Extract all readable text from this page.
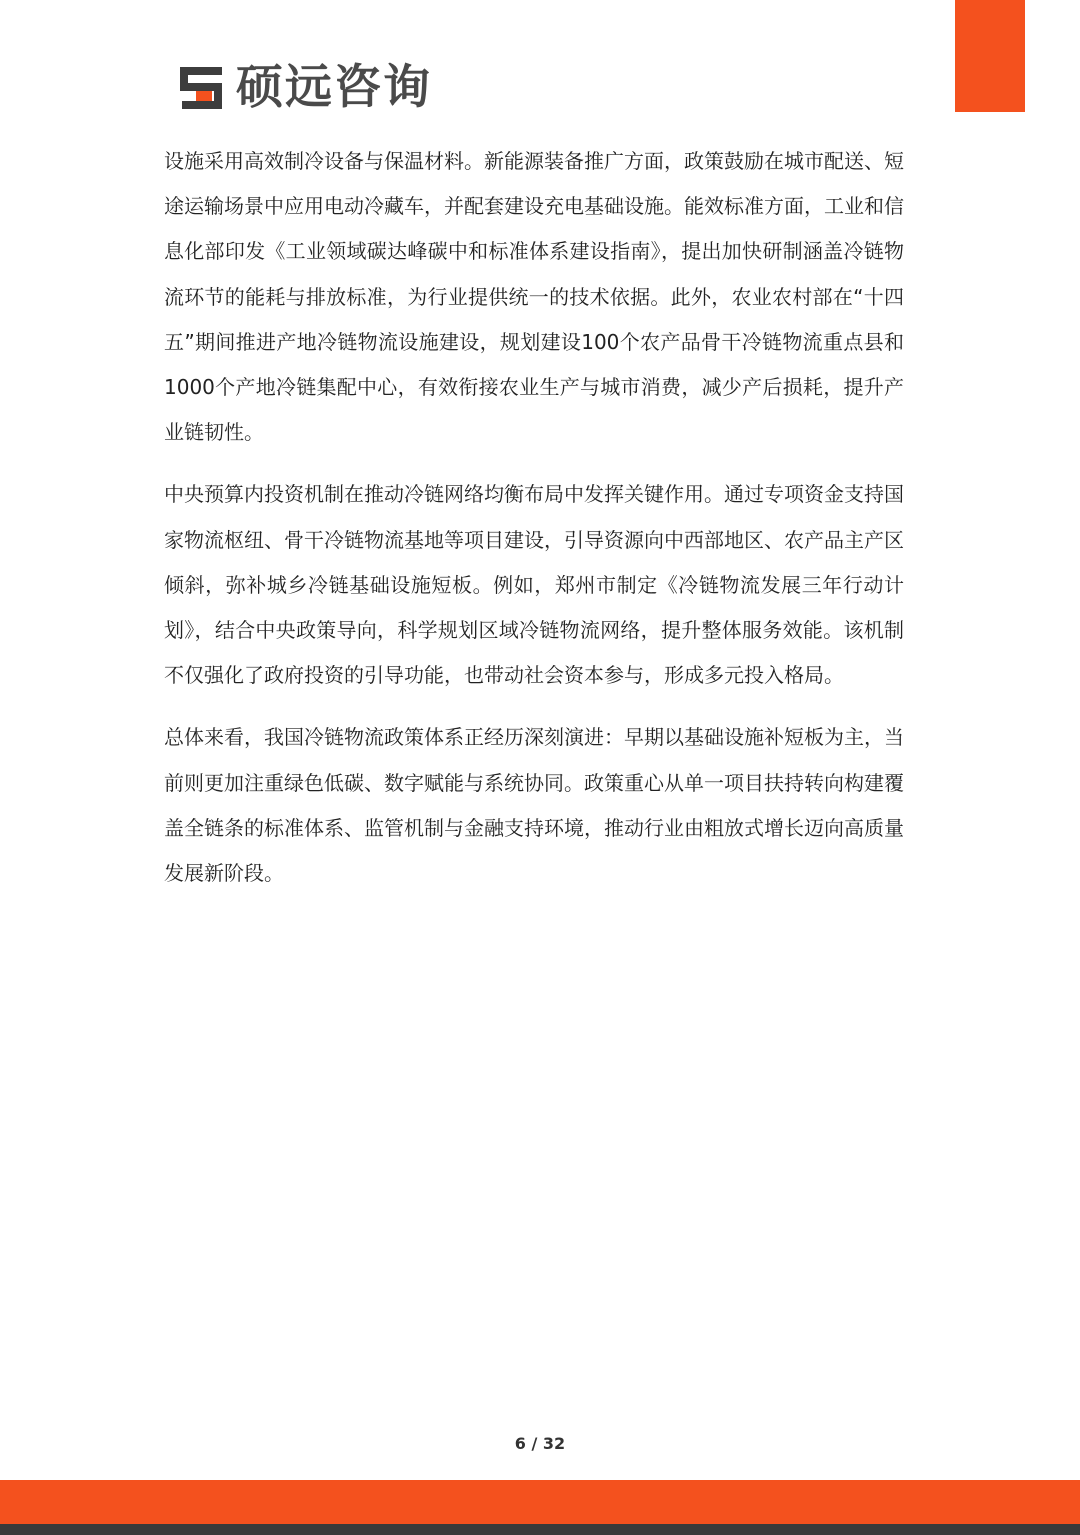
硕远咨询

设施采用高效制冷设备与保温材料。新能源装备推广方面，政策鼓励在城市配送、短途运输场景中应用电动冷藏车，并配套建设充电基础设施。能效标准方面，工业和信息化部印发《工业领域碳达峰碳中和标准体系建设指南》，提出加快研制涵盖冷链物流环节的能耗与排放标准，为行业提供统一的技术依据。此外，农业农村部在“十四五”期间推进产地冷链物流设施建设，规划建设100个农产品骨干冷链物流重点县和1000个产地冷链集配中心，有效衔接农业生产与城市消费，减少产后损耗，提升产业链韧性。

中央预算内投资机制在推动冷链网络均衡布局中发挥关键作用。通过专项资金支持国家物流枢纽、骨干冷链物流基地等项目建设，引导资源向中西部地区、农产品主产区倾斜，弥补城乡冷链基础设施短板。例如，郑州市制定《冷链物流发展三年行动计划》，结合中央政策导向，科学规划区域冷链物流网络，提升整体服务效能。该机制不仅强化了政府投资的引导功能，也带动社会资本参与，形成多元投入格局。

总体来看，我国冷链物流政策体系正经历深刻演进：早期以基础设施补短板为主，当前则更加注重绿色低碳、数字赋能与系统协同。政策重心从单一项目扶持转向构建覆盖全链条的标准体系、监管机制与金融支持环境，推动行业由粗放式增长迈向高质量发展新阶段。

6 / 32
